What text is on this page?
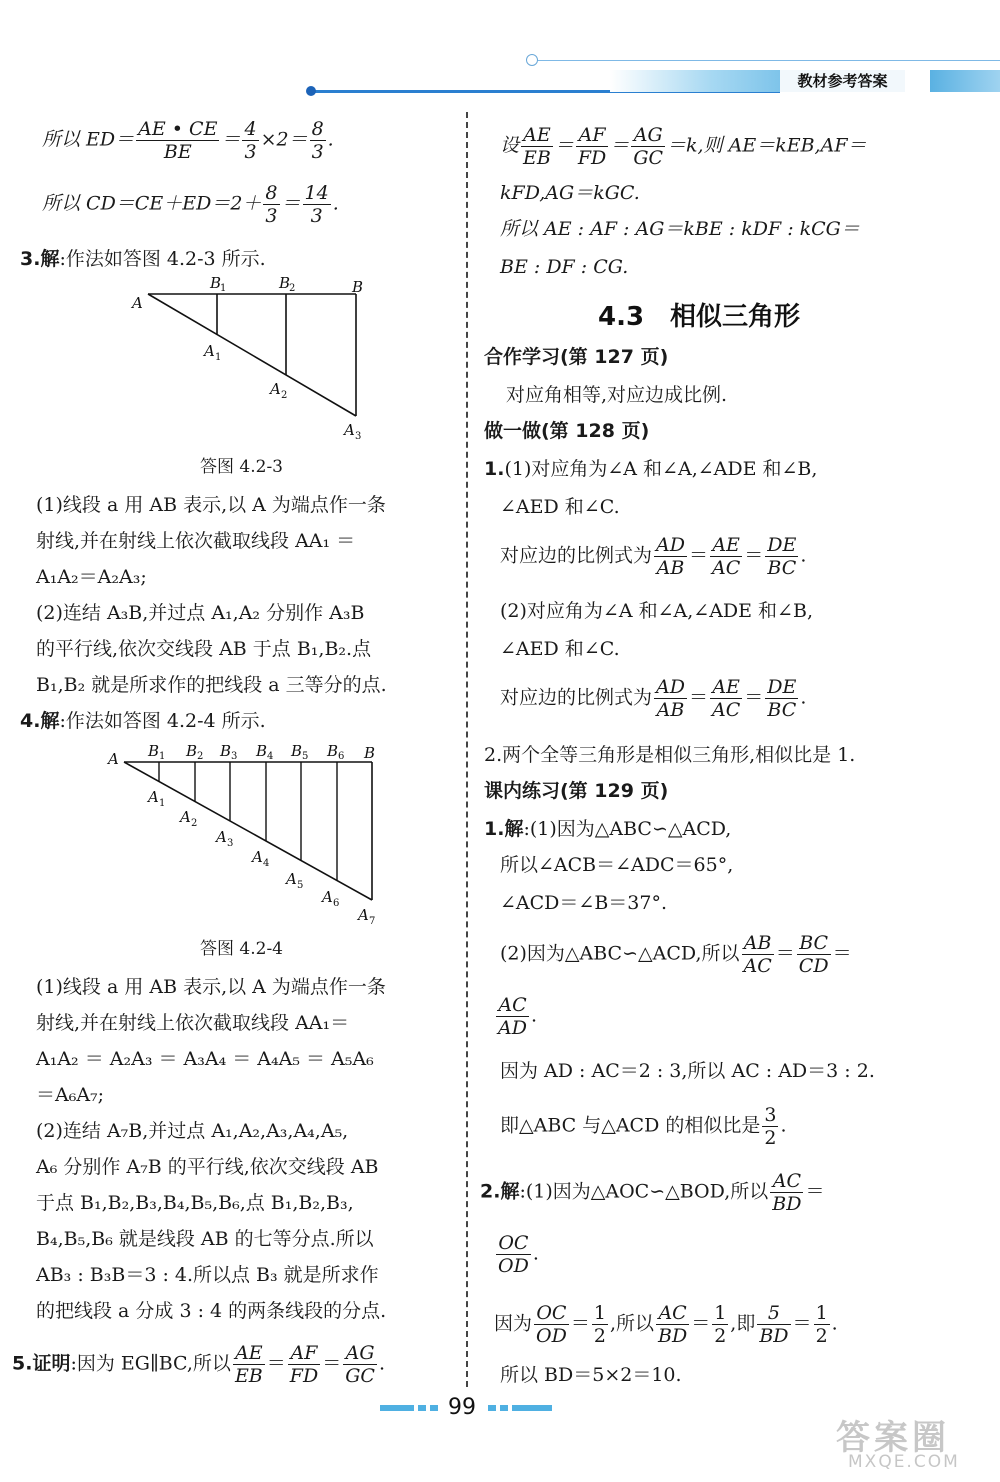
教材参考答案
所以 $ED= \frac{AE • CE}{BE} = \frac{4}{3} \times 2= \frac{8}{3}$ .
所以 $CD=CE+ED=2+ \frac{8}{3} = \frac{14}{3}$ .
3.解:作法如答图 4.2-3 所示.
A
B
1	B
2	B
A 1
A 2
A 3
答图 4.2-3
(1)线段 a 用 AB 表示,以 A 为端点作一条
射线,并在射线上依次截取线段 AA₁ ＝
A₁A₂＝A₂A₃;
(2)连结 A₃B,并过点 A₁,A₂ 分别作 A₃B
的平行线,依次交线段 AB 于点 B₁,B₂.点
B₁,B₂ 就是所求作的把线段 a 三等分的点.
4.解:作法如答图 4.2-4 所示.
A	B
B 1 B 2 B 3 B 4 B 5 B 6
A 1
A 2
A 3
A 4
A 5
A 6
A 7
答图 4.2-4
(1)线段 a 用 AB 表示,以 A 为端点作一条
射线,并在射线上依次截取线段 AA₁＝
A₁A₂ ＝ A₂A₃ ＝ A₃A₄ ＝ A₄A₅ ＝ A₅A₆
＝A₆A₇;
(2)连结 A₇B,并过点 A₁,A₂,A₃,A₄,A₅,
A₆ 分别作 A₇B 的平行线,依次交线段 AB
于点 B₁,B₂,B₃,B₄,B₅,B₆,点 B₁,B₂,B₃,
B₄,B₅,B₆ 就是线段 AB 的七等分点.所以
AB₃ : B₃B＝3 : 4.所以点 B₃ 就是所求作
的把线段 a 分成 3 : 4 的两条线段的分点.
5.证明:因为 EG∥BC,所以 $\frac{AE}{EB} = \frac{AF}{FD} = \frac{AG}{GC}$ .
设 $\frac{AE}{EB} = \frac{AF}{FD} = \frac{AG}{GC} =k$,则 AE＝kEB,AF＝
kFD,AG＝kGC.
所以 AE : AF : AG＝kBE : kDF : kCG＝
BE : DF : CG.
4.3　相似三角形
合作学习(第 127 页)
对应角相等,对应边成比例.
做一做(第 128 页)
1.(1)对应角为∠A 和∠A,∠ADE 和∠B,
∠AED 和∠C.
对应边的比例式为 $\frac{AD}{AB} = \frac{AE}{AC} = \frac{DE}{BC}$ .
(2)对应角为∠A 和∠A,∠ADE 和∠B,
∠AED 和∠C.
对应边的比例式为 $\frac{AD}{AB} = \frac{AE}{AC} = \frac{DE}{BC}$ .
2.两个全等三角形是相似三角形,相似比是 1.
课内练习(第 129 页)
1.解:(1)因为△ABC∽△ACD,
所以∠ACB＝∠ADC＝65°,
∠ACD＝∠B＝37°.
(2)因为△ABC∽△ACD,所以 $\frac{AB}{AC} = \frac{BC}{CD}$ ＝
$\frac{AC}{AD}$ .
因为 AD : AC＝2 : 3,所以 AC : AD＝3 : 2.
即△ABC 与△ACD 的相似比是 $\frac{3}{2}$ .
2.解:(1)因为△AOC∽△BOD,所以 $\frac{AC}{BD}$ ＝
$\frac{OC}{OD}$ .
因为 $\frac{OC}{OD} = \frac{1}{2}$ ,所以 $\frac{AC}{BD} = \frac{1}{2}$ ,即 $\frac{5}{BD} = \frac{1}{2}$ .
所以 BD＝5×2＝10.
99
答案圈
MXQE.COM
